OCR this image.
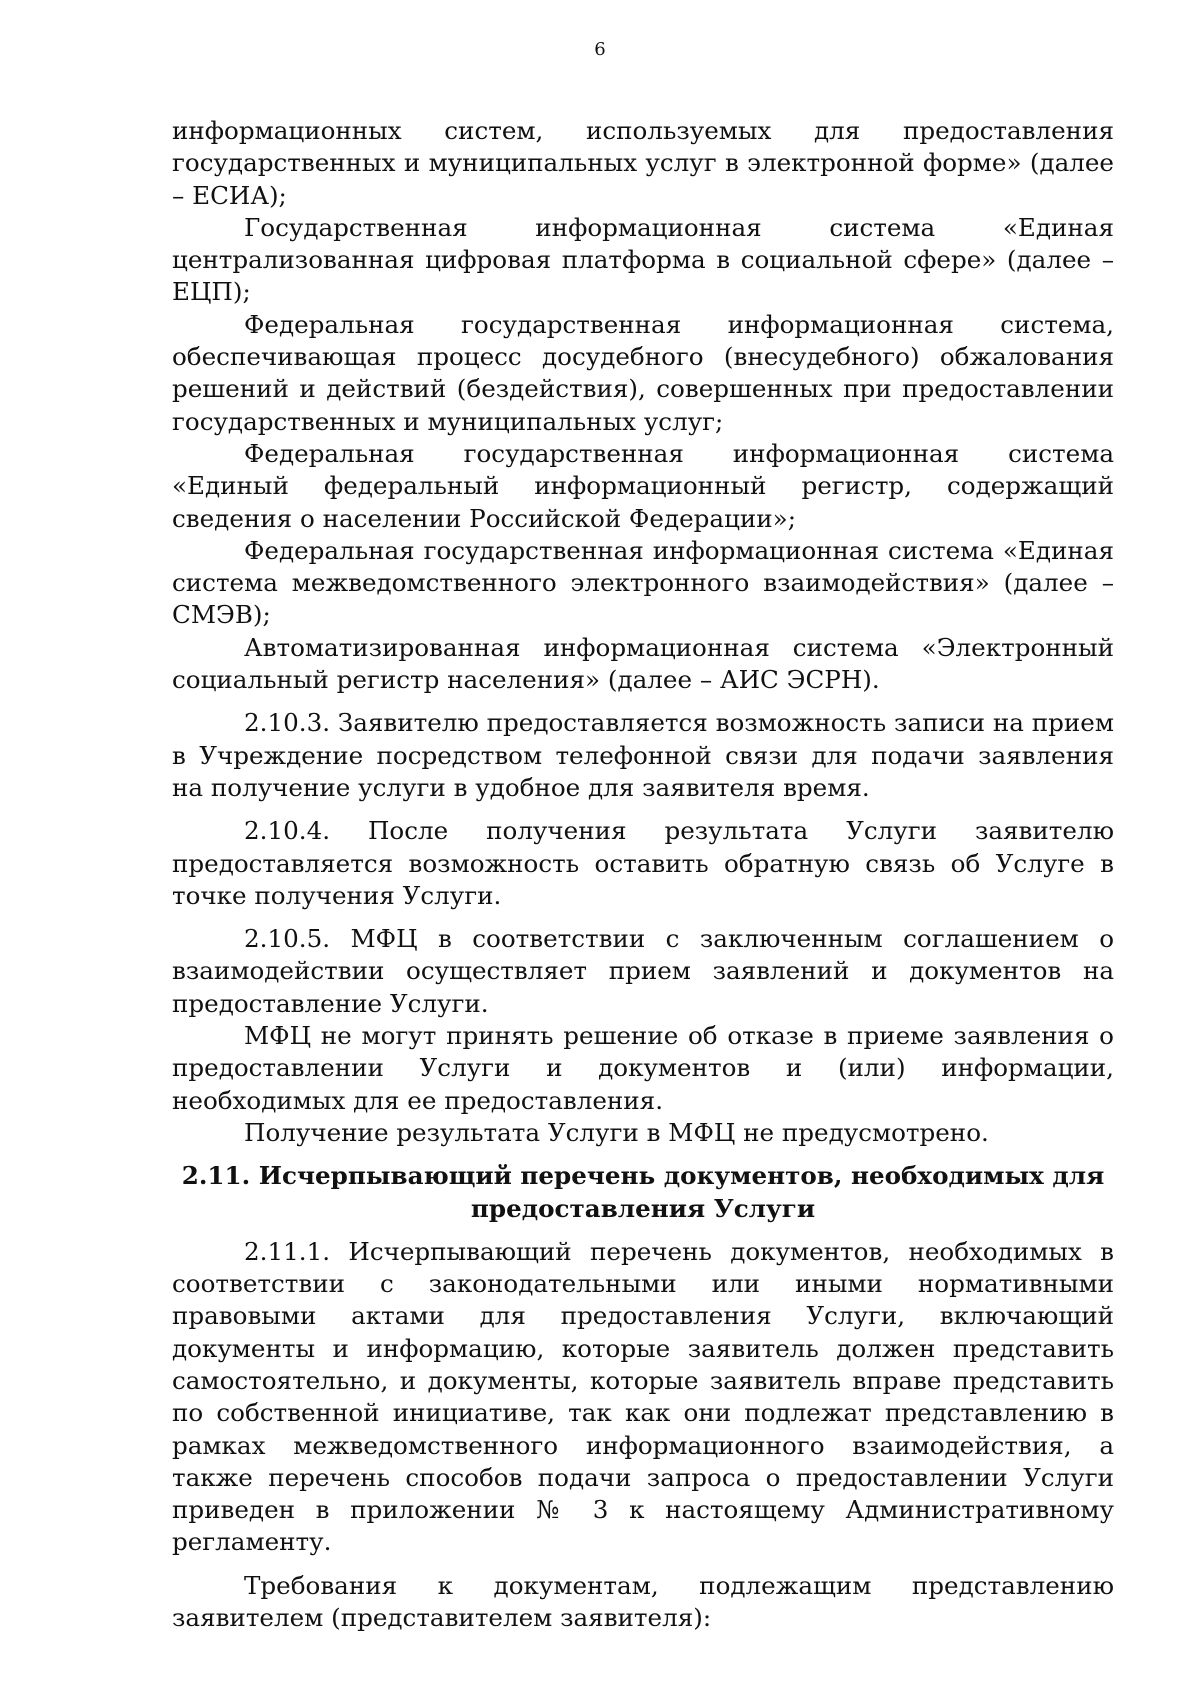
6

информационных систем, используемых для предоставления государственных и муниципальных услуг в электронной форме» (далее – ЕСИА);

Государственная информационная система «Единая централизованная цифровая платформа в социальной сфере» (далее – ЕЦП);

Федеральная государственная информационная система, обеспечивающая процесс досудебного (внесудебного) обжалования решений и действий (бездействия), совершенных при предоставлении государственных и муниципальных услуг;

Федеральная государственная информационная система «Единый федеральный информационный регистр, содержащий сведения о населении Российской Федерации»;

Федеральная государственная информационная система «Единая система межведомственного электронного взаимодействия» (далее – СМЭВ);

Автоматизированная информационная система «Электронный социальный регистр населения» (далее – АИС ЭСРН).

2.10.3. Заявителю предоставляется возможность записи на прием в Учреждение посредством телефонной связи для подачи заявления на получение услуги в удобное для заявителя время.

2.10.4. После получения результата Услуги заявителю предоставляется возможность оставить обратную связь об Услуге в точке получения Услуги.

2.10.5. МФЦ в соответствии с заключенным соглашением о взаимодействии осуществляет прием заявлений и документов на предоставление Услуги.

МФЦ не могут принять решение об отказе в приеме заявления о предоставлении Услуги и документов и (или) информации, необходимых для ее предоставления.

Получение результата Услуги в МФЦ не предусмотрено.

2.11. Исчерпывающий перечень документов, необходимых для предоставления Услуги

2.11.1. Исчерпывающий перечень документов, необходимых в соответствии с законодательными или иными нормативными правовыми актами для предоставления Услуги, включающий документы и информацию, которые заявитель должен представить самостоятельно, и документы, которые заявитель вправе представить по собственной инициативе, так как они подлежат представлению в рамках межведомственного информационного взаимодействия, а также перечень способов подачи запроса о предоставлении Услуги приведен в приложении № 3 к настоящему Административному регламенту.

Требования к документам, подлежащим представлению заявителем (представителем заявителя):
